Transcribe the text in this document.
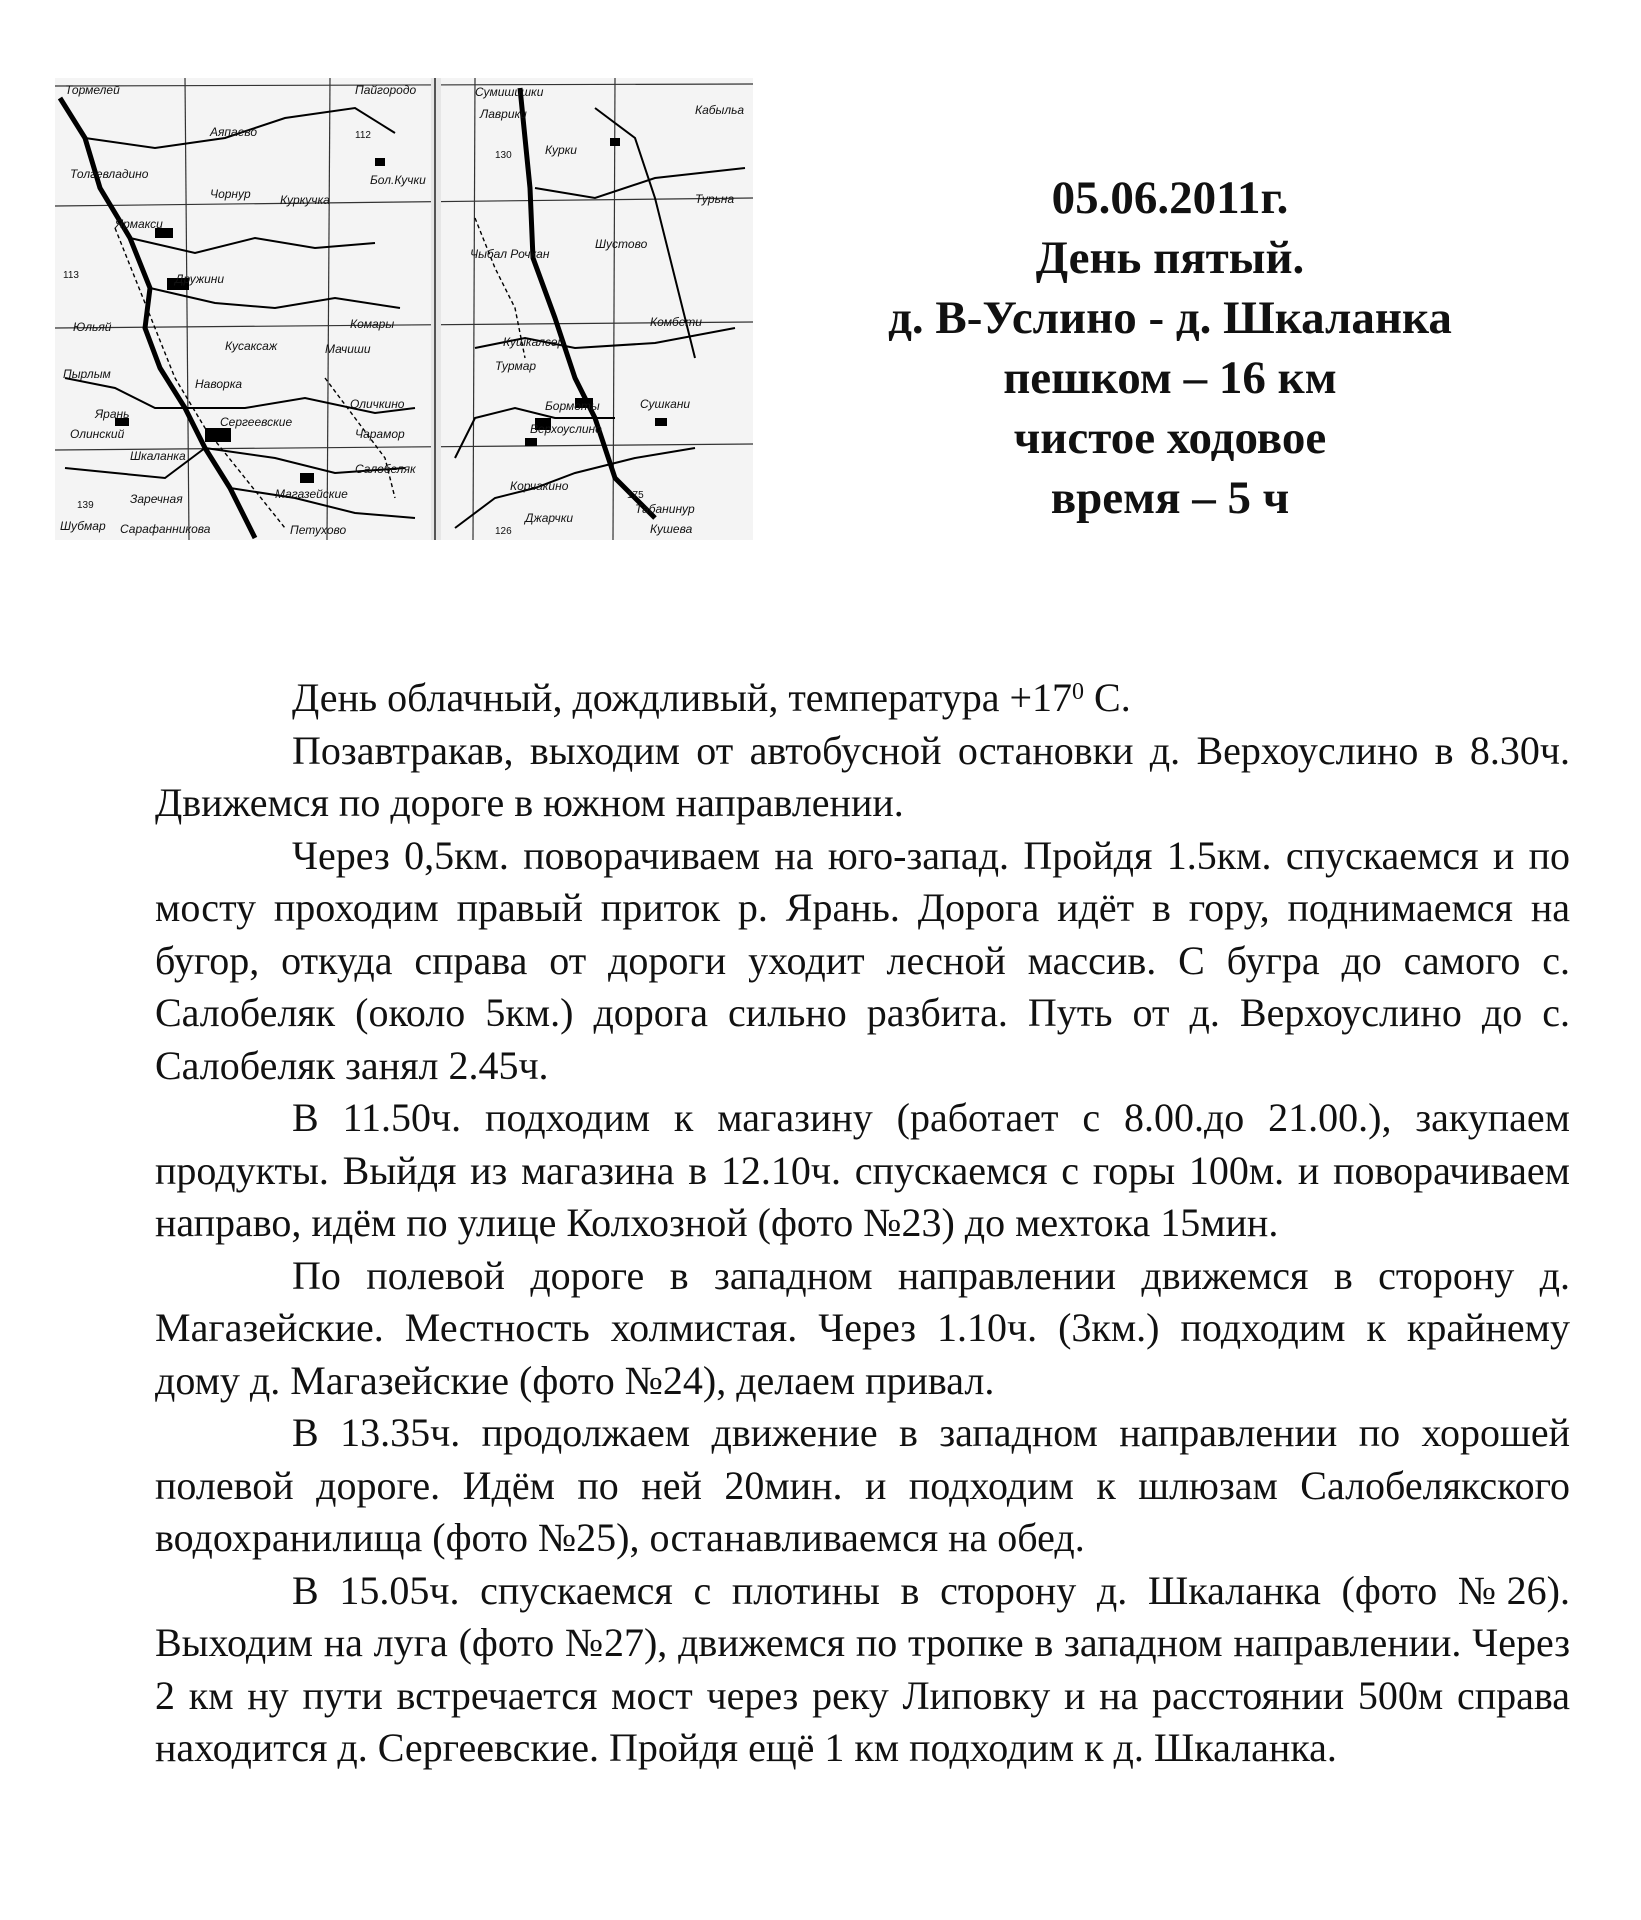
Тормелей	Пайгородо	Сумишишки
Кабыльа
Лаврики
Аяпаево
Толгевладино
Чорнур
Бол.Кучки
Курки
Куркучка	Турьна
Шустово
Ярмакси
Чыбал Рочкан
Дружини
Комары
Юльяй
Кусаксаж	Мачиши
Комбети
Кушкалсер
Турмар
Пырлым
Наворка
Бормоты	Сушкани
Ярань
Сергеевские
Оличкино
Верхоуслино
Олинский
Шкаланка
Чарамор
Салобеляк
Заречная	Магазейские
Корчакино
Табанинур
Шубмар Сарафанникова	Петухово
Джарчки
Кушева
112
130
113
175
126
139
05.06.2011г.
День пятый.
д. В-Услино - д. Шкаланка
пешком – 16 км
чистое ходовое
время – 5 ч

День облачный, дождливый, температура $+17^0$ С.

Позавтракав, выходим от автобусной остановки д. Верхоуслино в 8.30ч. Движемся по дороге в южном направлении.

Через 0,5км. поворачиваем на юго-запад. Пройдя 1.5км. спускаемся и по мосту проходим правый приток р. Ярань. Дорога идёт в гору, поднимаемся на бугор, откуда справа от дороги уходит лесной массив. С бугра до самого с. Салобеляк (около 5км.) дорога сильно разбита. Путь от д. Верхоуслино до с. Салобеляк занял 2.45ч.

В 11.50ч. подходим к магазину (работает с 8.00.до 21.00.), закупаем продукты. Выйдя из магазина в 12.10ч. спускаемся с горы 100м. и поворачиваем направо, идём по улице Колхозной (фото №23) до мехтока 15мин.

По полевой дороге в западном направлении движемся в сторону д. Магазейские. Местность холмистая. Через 1.10ч. (3км.) подходим к крайнему дому д. Магазейские (фото №24), делаем привал.

В 13.35ч. продолжаем движение в западном направлении по хорошей полевой дороге. Идём по ней 20мин. и подходим к шлюзам Салобелякского водохранилища (фото №25), останавливаемся на обед.

В 15.05ч. спускаемся с плотины в сторону д. Шкаланка (фото №26). Выходим на луга (фото №27), движемся по тропке в западном направлении. Через 2 км ну пути встречается мост через реку Липовку и на расстоянии 500м справа находится д. Сергеевские. Пройдя ещё 1 км подходим к д. Шкаланка.
